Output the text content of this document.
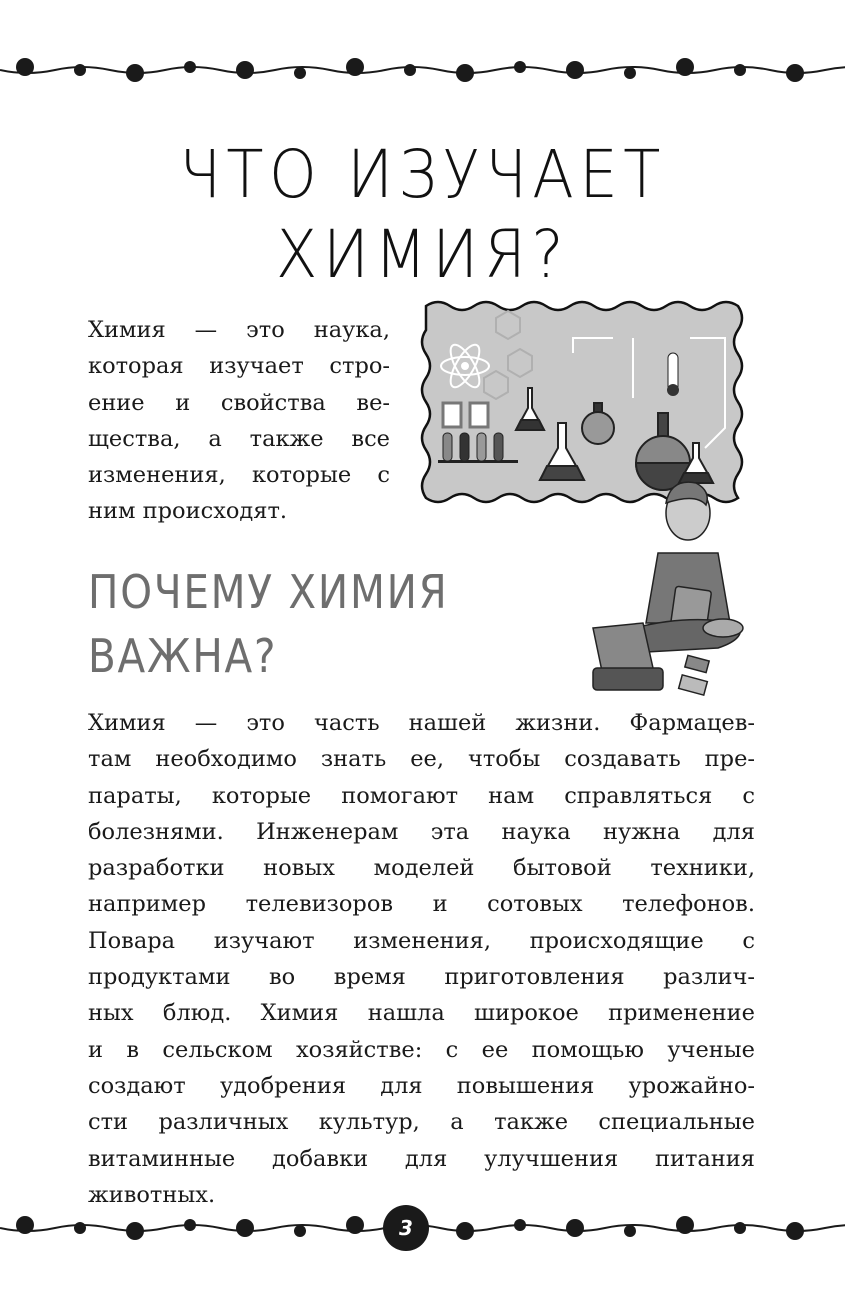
ЧТО ИЗУЧАЕТ
ХИМИЯ?
Химия — это наука,
которая изучает стро-
ение и свойства ве-
щества, а также все
изменения, которые с
ним происходят.
ПОЧЕМУ ХИМИЯ
ВАЖНА?
Химия — это часть нашей жизни. Фармацев-
там необходимо знать ее, чтобы создавать пре-
параты, которые помогают нам справляться с
болезнями. Инженерам эта наука нужна для
разработки новых моделей бытовой техники,
например телевизоров и сотовых телефонов.
Повара изучают изменения, происходящие с
продуктами во время приготовления различ-
ных блюд. Химия нашла широкое применение
и в сельском хозяйстве: с ее помощью ученые
создают удобрения для повышения урожайно-
сти различных культур, а также специальные
витаминные добавки для улучшения питания
животных.
3
